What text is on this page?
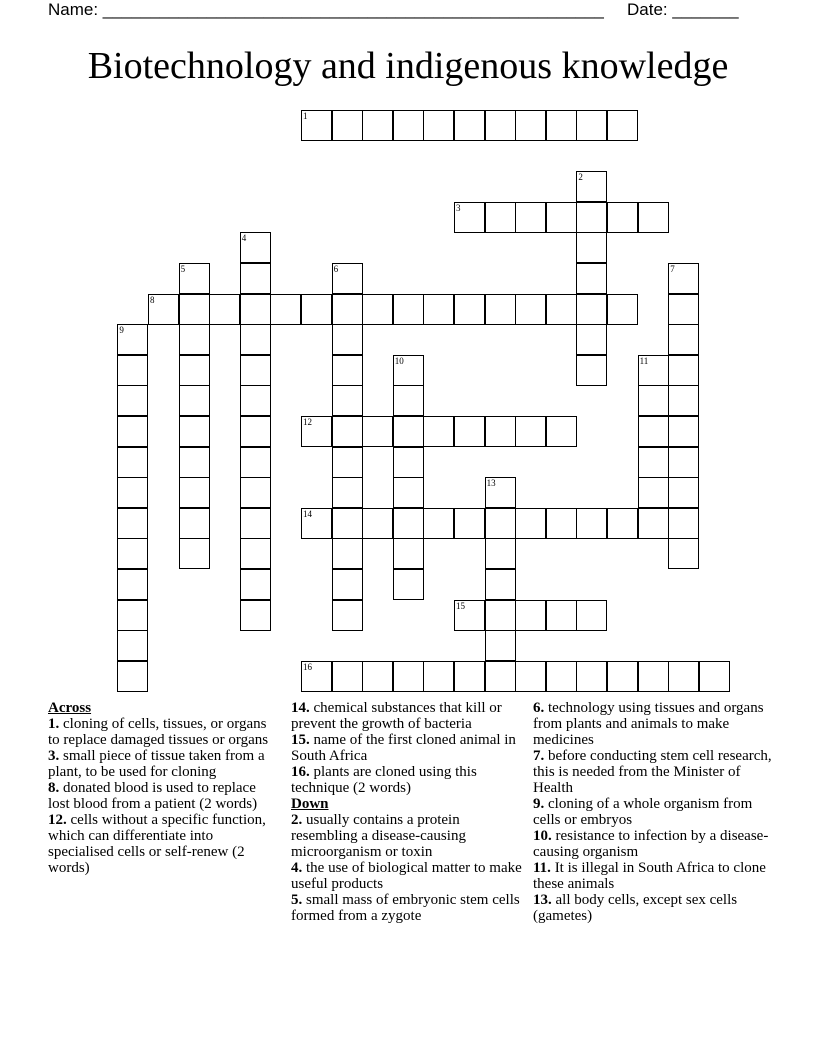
Name: _____________________________________________________ Date: _______
Biotechnology and indigenous knowledge
1
2
3
4
5	6	7
8
9
10	11
12
13
14
15
16
Across
1. cloning of cells, tissues, or organs to replace damaged tissues or organs
3. small piece of tissue taken from a plant, to be used for cloning
8. donated blood is used to replace lost blood from a patient (2 words)
12. cells without a specific function, which can differentiate into specialised cells or self-renew (2 words)
14. chemical substances that kill or prevent the growth of bacteria
15. name of the first cloned animal in South Africa
16. plants are cloned using this technique (2 words)
Down
2. usually contains a protein resembling a disease-causing microorganism or toxin
4. the use of biological matter to make useful products
5. small mass of embryonic stem cells formed from a zygote
6. technology using tissues and organs from plants and animals to make medicines
7. before conducting stem cell research, this is needed from the Minister of Health
9. cloning of a whole organism from cells or embryos
10. resistance to infection by a disease-causing organism
11. It is illegal in South Africa to clone these animals
13. all body cells, except sex cells (gametes)
